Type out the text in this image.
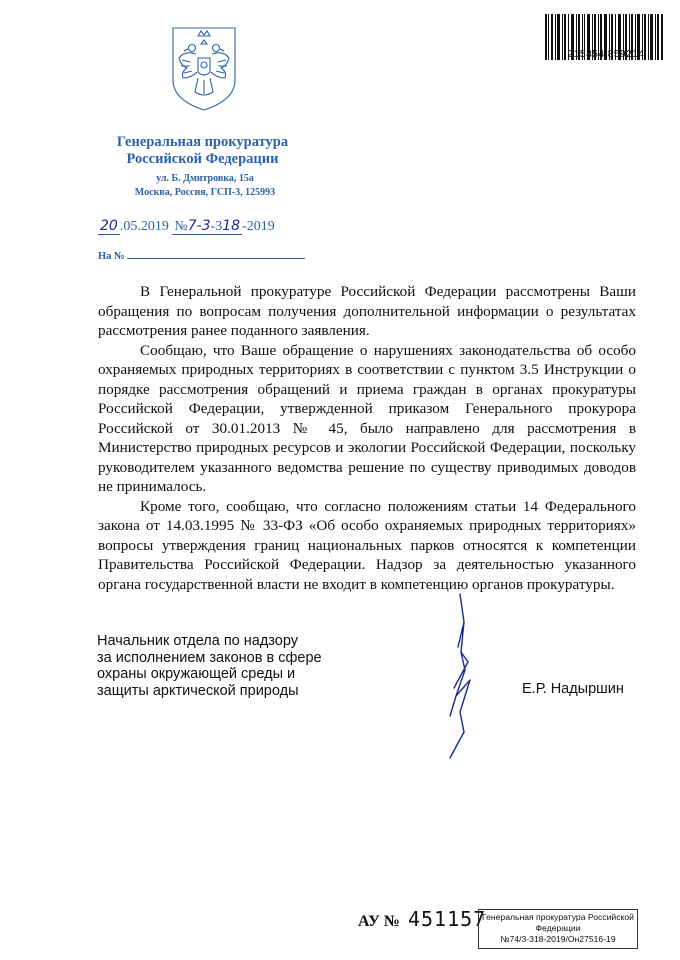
Генеральная прокуратура
Российской Федерации
ул. Б. Дмитровка, 15а
Москва, Россия, ГСП-3, 125993
20 .05.2019 №7-3-318 -2019
На №
215354 859214

В Генеральной прокуратуре Российской Федерации рассмотрены Ваши обращения по вопросам получения дополнительной информации о результатах рассмотрения ранее поданного заявления.

Сообщаю, что Ваше обращение о нарушениях законодательства об особо охраняемых природных территориях в соответствии с пунктом 3.5 Инструкции о порядке рассмотрения обращений и приема граждан в органах прокуратуры Российской Федерации, утвержденной приказом Генерального прокурора Российской от 30.01.2013 № 45, было направлено для рассмотрения в Министерство природных ресурсов и экологии Российской Федерации, поскольку руководителем указанного ведомства решение по существу приводимых доводов не принималось.

Кроме того, сообщаю, что согласно положениям статьи 14 Федерального закона от 14.03.1995 № 33-ФЗ «Об особо охраняемых природных территориях» вопросы утверждения границ национальных парков относятся к компетенции Правительства Российской Федерации. Надзор за деятельностью указанного органа государственной власти не входит в компетенцию органов прокуратуры.

Начальник отдела по надзору
за исполнением законов в сфере
охраны окружающей среды и
защиты арктической природы	Е.Р. Надыршин
АУ № 451157
Генеральная прокуратура Российской
Федерации
№74/3-318-2019/Он27516-19
